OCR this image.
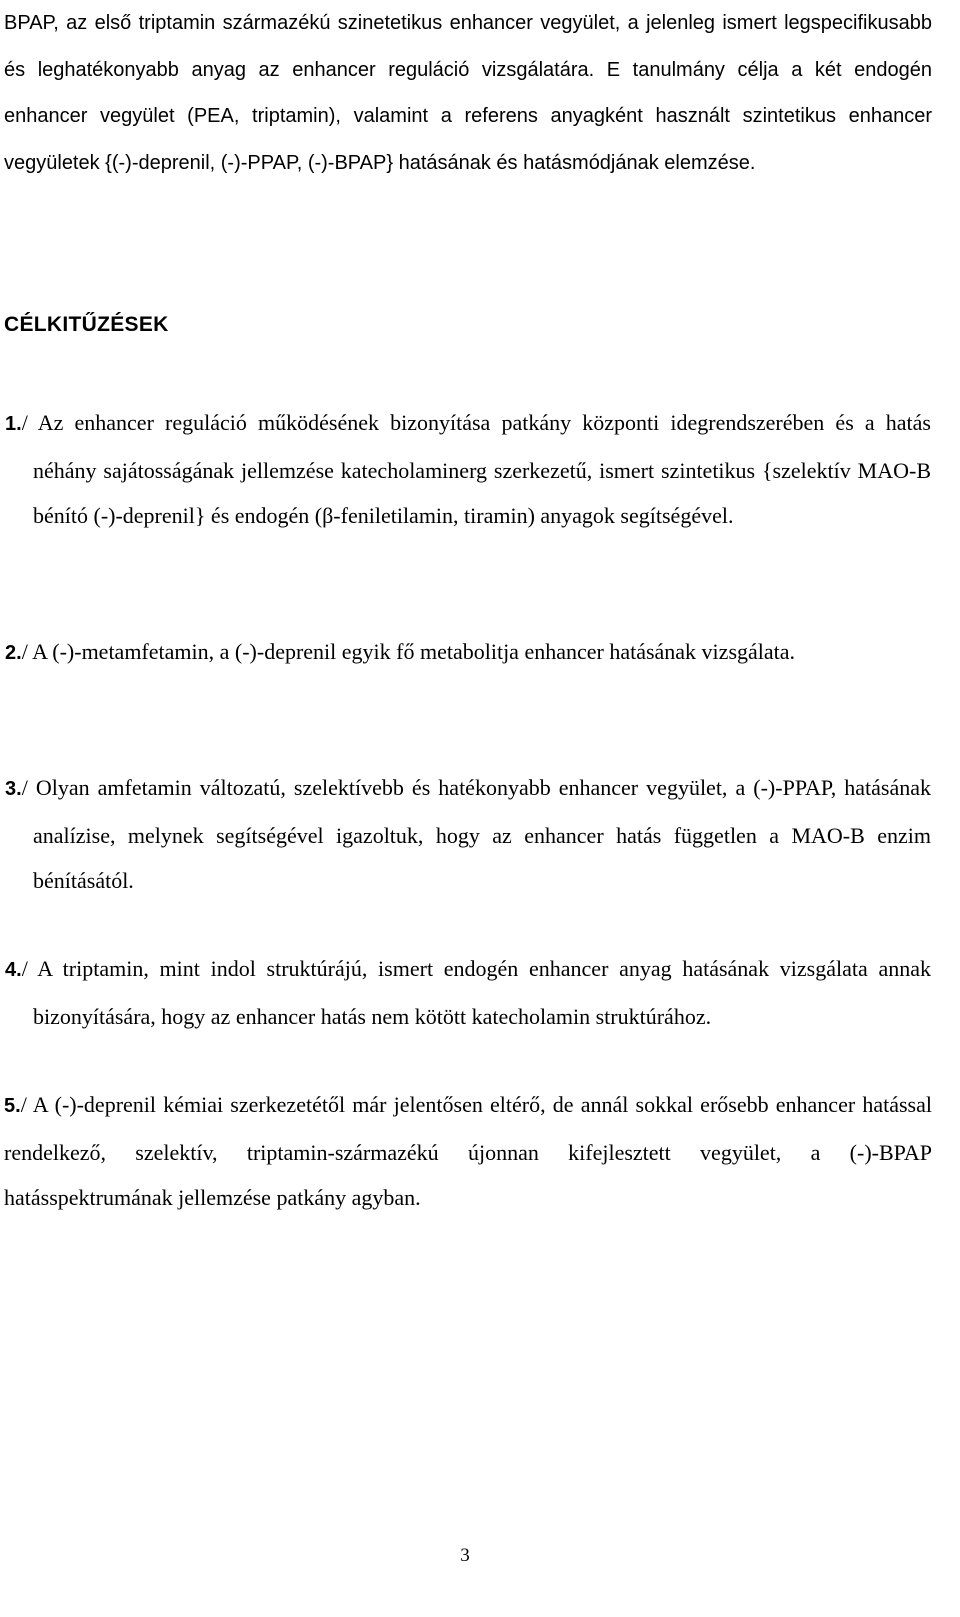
BPAP, az első triptamin származékú szinetetikus enhancer vegyület, a jelenleg ismert legspecifikusabb és leghatékonyabb anyag az enhancer reguláció vizsgálatára. E tanulmány célja a két endogén enhancer vegyület (PEA, triptamin), valamint a referens anyagként használt szintetikus enhancer vegyületek {(-)-deprenil, (-)-PPAP, (-)-BPAP} hatásának és hatásmódjának elemzése.

CÉLKITŰZÉSEK

1./ Az enhancer reguláció működésének bizonyítása patkány központi idegrendszerében és a hatás néhány sajátosságának jellemzése katecholaminerg szerkezetű, ismert szintetikus {szelektív MAO-B bénító (-)-deprenil} és endogén (β-feniletilamin, tiramin) anyagok segítségével.

2./ A (-)-metamfetamin, a (-)-deprenil egyik fő metabolitja enhancer hatásának vizsgálata.

3./ Olyan amfetamin változatú, szelektívebb és hatékonyabb enhancer vegyület, a (-)-PPAP, hatásának analízise, melynek segítségével igazoltuk, hogy az enhancer hatás független a MAO-B enzim bénításától.

4./ A triptamin, mint indol struktúrájú, ismert endogén enhancer anyag hatásának vizsgálata annak bizonyítására, hogy az enhancer hatás nem kötött katecholamin struktúrához.

5./ A (-)-deprenil kémiai szerkezetétől már jelentősen eltérő, de annál sokkal erősebb enhancer hatással rendelkező, szelektív, triptamin-származékú újonnan kifejlesztett vegyület, a (-)-BPAP hatásspektrumának jellemzése patkány agyban.

3
